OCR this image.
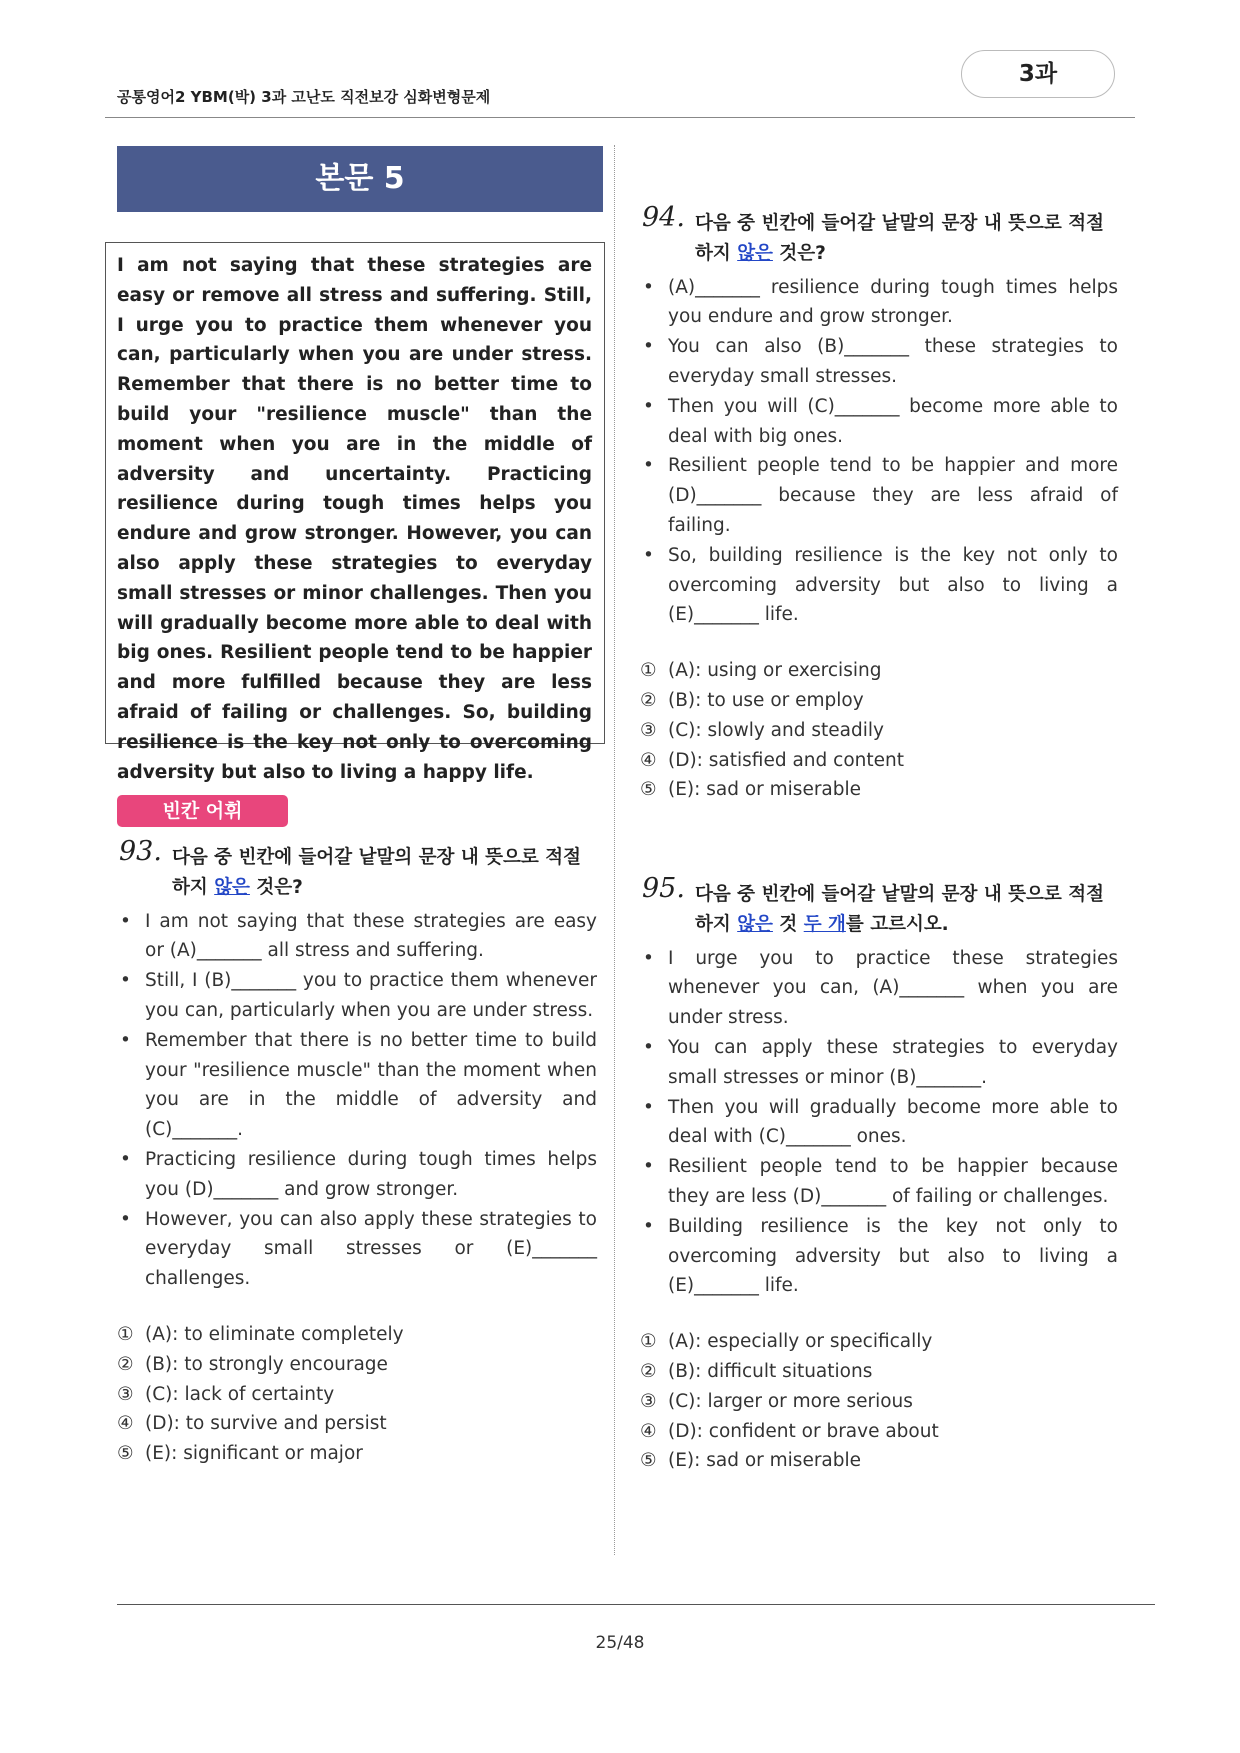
공통영어2 YBM(박) 3과 고난도 직전보강 심화변형문제
3과
본문 5
I am not saying that these strategies are easy or remove all stress and suffering. Still, I urge you to practice them whenever you can, particularly when you are under stress. Remember that there is no better time to build your "resilience muscle" than the moment when you are in the middle of adversity and uncertainty. Practicing resilience during tough times helps you endure and grow stronger. However, you can also apply these strategies to everyday small stresses or minor challenges. Then you will gradually become more able to deal with big ones. Resilient people tend to be happier and more fulfilled because they are less afraid of failing or challenges. So, building resilience is the key not only to overcoming adversity but also to living a happy life.
빈칸 어휘
93. 다음 중 빈칸에 들어갈 낱말의 문장 내 뜻으로 적절하지 않은 것은?
• I am not saying that these strategies are easy or (A)_______ all stress and suffering.
• Still, I (B)_______ you to practice them whenever you can, particularly when you are under stress.
• Remember that there is no better time to build your "resilience muscle" than the moment when you are in the middle of adversity and (C)_______.
• Practicing resilience during tough times helps you (D)_______ and grow stronger.
• However, you can also apply these strategies to everyday small stresses or (E)_______ challenges.
① (A): to eliminate completely
② (B): to strongly encourage
③ (C): lack of certainty
④ (D): to survive and persist
⑤ (E): significant or major
94. 다음 중 빈칸에 들어갈 낱말의 문장 내 뜻으로 적절하지 않은 것은?
• (A)_______ resilience during tough times helps you endure and grow stronger.
• You can also (B)_______ these strategies to everyday small stresses.
• Then you will (C)_______ become more able to deal with big ones.
• Resilient people tend to be happier and more (D)_______ because they are less afraid of failing.
• So, building resilience is the key not only to overcoming adversity but also to living a (E)_______ life.
① (A): using or exercising
② (B): to use or employ
③ (C): slowly and steadily
④ (D): satisfied and content
⑤ (E): sad or miserable
95. 다음 중 빈칸에 들어갈 낱말의 문장 내 뜻으로 적절하지 않은 것 두 개를 고르시오.
• I urge you to practice these strategies whenever you can, (A)_______ when you are under stress.
• You can apply these strategies to everyday small stresses or minor (B)_______.
• Then you will gradually become more able to deal with (C)_______ ones.
• Resilient people tend to be happier because they are less (D)_______ of failing or challenges.
• Building resilience is the key not only to overcoming adversity but also to living a (E)_______ life.
① (A): especially or specifically
② (B): difficult situations
③ (C): larger or more serious
④ (D): confident or brave about
⑤ (E): sad or miserable
25/48
